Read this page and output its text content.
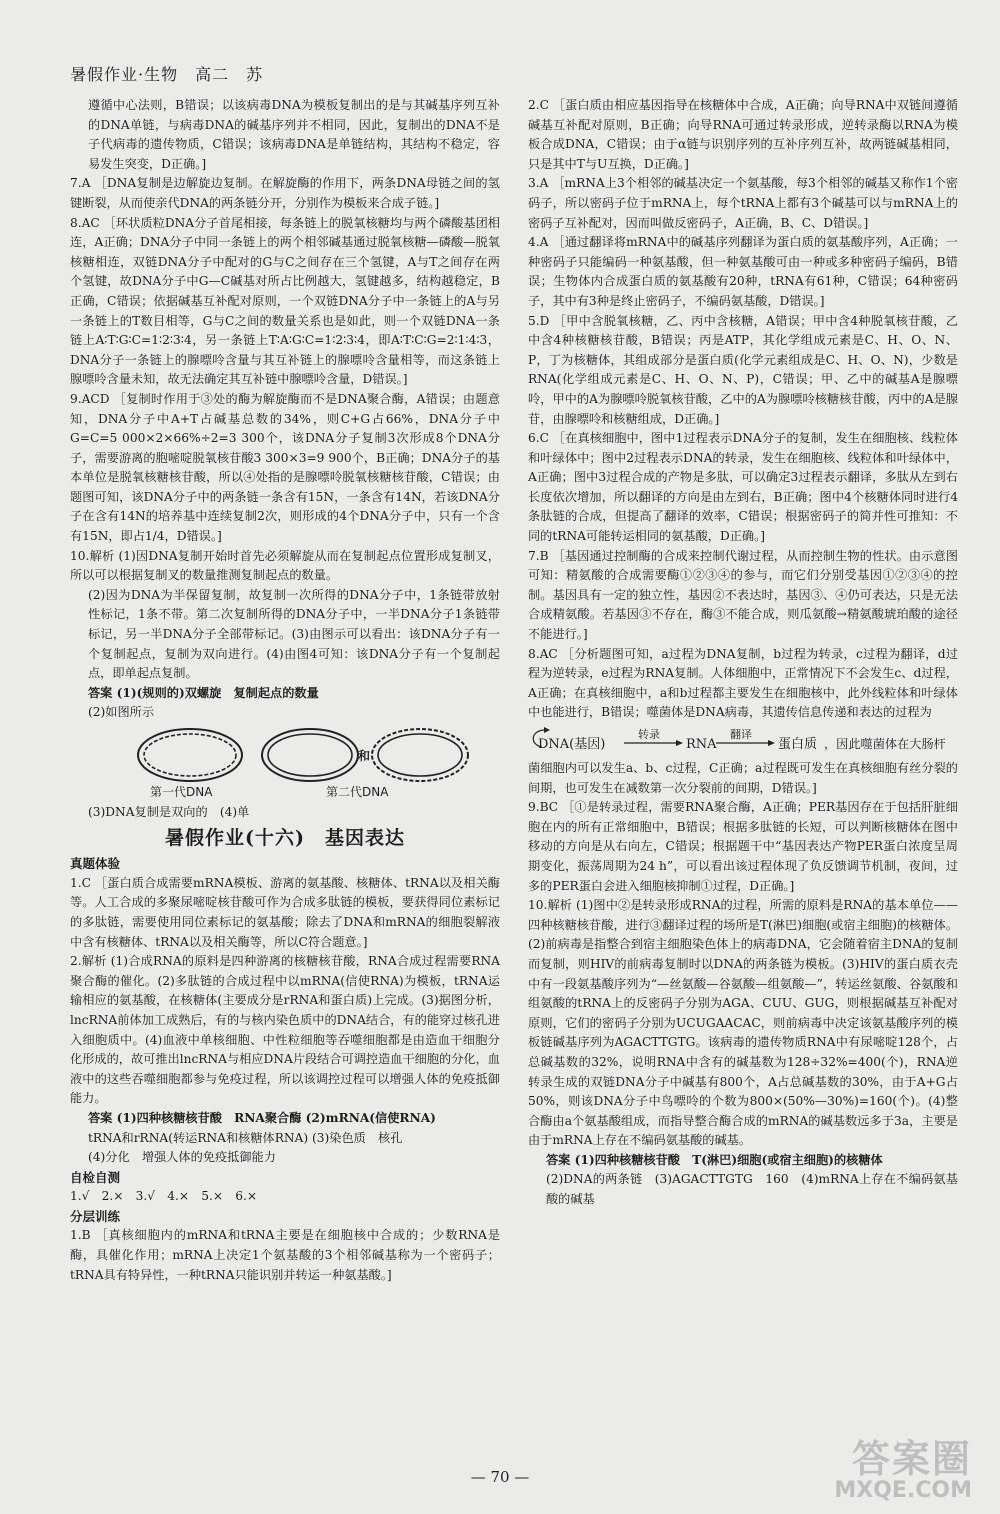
暑假作业·生物　高二　苏
遵循中心法则，B错误；以该病毒DNA为模板复制出的是与其碱基序列互补的DNA单链，与病毒DNA的碱基序列并不相同，因此，复制出的DNA不是子代病毒的遗传物质，C错误；该病毒DNA是单链结构，其结构不稳定，容易发生突变，D正确。]
7.A ［DNA复制是边解旋边复制。在解旋酶的作用下，两条DNA母链之间的氢键断裂，从而使亲代DNA的两条链分开，分别作为模板来合成子链。]
8.AC ［环状质粒DNA分子首尾相接，每条链上的脱氧核糖均与两个磷酸基团相连，A正确；DNA分子中同一条链上的两个相邻碱基通过脱氧核糖—磷酸—脱氧核糖相连，双链DNA分子中配对的G与C之间存在三个氢键，A与T之间存在两个氢键，故DNA分子中G—C碱基对所占比例越大，氢键越多，结构越稳定，B正确，C错误；依据碱基互补配对原则，一个双链DNA分子中一条链上的A与另一条链上的T数目相等，G与C之间的数量关系也是如此，则一个双链DNA一条链上A∶T∶G∶C=1∶2∶3∶4，另一条链上T∶A∶G∶C=1∶2∶3∶4，即A∶T∶C∶G=2∶1∶4∶3，DNA分子一条链上的腺嘌呤含量与其互补链上的腺嘌呤含量相等，而这条链上腺嘌呤含量未知，故无法确定其互补链中腺嘌呤含量，D错误。]
9.ACD ［复制时作用于③处的酶为解旋酶而不是DNA聚合酶，A错误；由题意知，DNA分子中A+T占碱基总数的34%，则C+G占66%，DNA分子中G=C=5 000×2×66%÷2=3 300个，该DNA分子复制3次形成8个DNA分子，需要游离的胞嘧啶脱氧核苷酸3 300×3=9 900个，B正确；DNA分子的基本单位是脱氧核糖核苷酸，所以④处指的是腺嘌呤脱氧核糖核苷酸，C错误；由题图可知，该DNA分子中的两条链一条含有15N，一条含有14N，若该DNA分子在含有14N的培养基中连续复制2次，则形成的4个DNA分子中，只有一个含有15N，即占1/4，D错误。]
10.解析 (1)因DNA复制开始时首先必须解旋从而在复制起点位置形成复制叉，所以可以根据复制叉的数量推测复制起点的数量。
(2)因为DNA为半保留复制，故复制一次所得的DNA分子中，1条链带放射性标记，1条不带。第二次复制所得的DNA分子中，一半DNA分子1条链带标记，另一半DNA分子全部带标记。(3)由图示可以看出：该DNA分子有一个复制起点，复制为双向进行。(4)由图4可知：该DNA分子有一个复制起点，即单起点复制。
答案 (1)(规则的)双螺旋　复制起点的数量
(2)如图所示
第一代DNA
和
第二代DNA
(3)DNA复制是双向的　(4)单
暑假作业(十六)　基因表达
真题体验
1.C ［蛋白质合成需要mRNA模板、游离的氨基酸、核糖体、tRNA以及相关酶等。人工合成的多聚尿嘧啶核苷酸可作为合成多肽链的模板，要获得同位素标记的多肽链，需要使用同位素标记的氨基酸；除去了DNA和mRNA的细胞裂解液中含有核糖体、tRNA以及相关酶等，所以C符合题意。]
2.解析 (1)合成RNA的原料是四种游离的核糖核苷酸，RNA合成过程需要RNA聚合酶的催化。(2)多肽链的合成过程中以mRNA(信使RNA)为模板，tRNA运输相应的氨基酸，在核糖体(主要成分是rRNA和蛋白质)上完成。(3)据图分析，lncRNA前体加工成熟后，有的与核内染色质中的DNA结合，有的能穿过核孔进入细胞质中。(4)血液中单核细胞、中性粒细胞等吞噬细胞都是由造血干细胞分化形成的，故可推出lncRNA与相应DNA片段结合可调控造血干细胞的分化，血液中的这些吞噬细胞都参与免疫过程，所以该调控过程可以增强人体的免疫抵御能力。
答案 (1)四种核糖核苷酸　RNA聚合酶 (2)mRNA(信使RNA)
tRNA和rRNA(转运RNA和核糖体RNA) (3)染色质　核孔
(4)分化　增强人体的免疫抵御能力
自检自测
1.√　2.×　3.√　4.×　5.×　6.×
分层训练
1.B ［真核细胞内的mRNA和tRNA主要是在细胞核中合成的；少数RNA是酶，具催化作用；mRNA上决定1个氨基酸的3个相邻碱基称为一个密码子；tRNA具有特异性，一种tRNA只能识别并转运一种氨基酸。]
2.C ［蛋白质由相应基因指导在核糖体中合成，A正确；向导RNA中双链间遵循碱基互补配对原则，B正确；向导RNA可通过转录形成，逆转录酶以RNA为模板合成DNA，C错误；由于α链与识别序列的互补序列互补，故两链碱基相同，只是其中T与U互换，D正确。]
3.A ［mRNA上3个相邻的碱基决定一个氨基酸，每3个相邻的碱基又称作1个密码子，所以密码子位于mRNA上，每个tRNA上都有3个碱基可以与mRNA上的密码子互补配对，因而叫做反密码子，A正确，B、C、D错误。]
4.A ［通过翻译将mRNA中的碱基序列翻译为蛋白质的氨基酸序列，A正确；一种密码子只能编码一种氨基酸，但一种氨基酸可由一种或多种密码子编码，B错误；生物体内合成蛋白质的氨基酸有20种，tRNA有61种，C错误；64种密码子，其中有3种是终止密码子，不编码氨基酸，D错误。]
5.D ［甲中含脱氧核糖，乙、丙中含核糖，A错误；甲中含4种脱氧核苷酸，乙中含4种核糖核苷酸，B错误；丙是ATP，其化学组成元素是C、H、O、N、P，丁为核糖体，其组成部分是蛋白质(化学元素组成是C、H、O、N)，少数是RNA(化学组成元素是C、H、O、N、P)，C错误；甲、乙中的碱基A是腺嘌呤，甲中的A为腺嘌呤脱氧核苷酸，乙中的A为腺嘌呤核糖核苷酸，丙中的A是腺苷，由腺嘌呤和核糖组成，D正确。]
6.C ［在真核细胞中，图中1过程表示DNA分子的复制，发生在细胞核、线粒体和叶绿体中；图中2过程表示DNA的转录，发生在细胞核、线粒体和叶绿体中，A正确；图中3过程合成的产物是多肽，可以确定3过程表示翻译，多肽从左到右长度依次增加，所以翻译的方向是由左到右，B正确；图中4个核糖体同时进行4条肽链的合成，但提高了翻译的效率，C错误；根据密码子的简并性可推知：不同的tRNA可能转运相同的氨基酸，D正确。]
7.B ［基因通过控制酶的合成来控制代谢过程，从而控制生物的性状。由示意图可知：精氨酸的合成需要酶①②③④的参与，而它们分别受基因①②③④的控制。基因具有一定的独立性，基因②不表达时，基因③、④仍可表达，只是无法合成精氨酸。若基因③不存在，酶③不能合成，则瓜氨酸→精氨酸琥珀酸的途径不能进行。]
8.AC ［分析题图可知，a过程为DNA复制，b过程为转录，c过程为翻译，d过程为逆转录，e过程为RNA复制。人体细胞中，正常情况下不会发生c、d过程，A正确；在真核细胞中，a和b过程都主要发生在细胞核中，此外线粒体和叶绿体中也能进行，B错误；噬菌体是DNA病毒，其遗传信息传递和表达的过程为
DNA(基因)
转录
RNA
翻译
蛋白质 ，因此噬菌体在大肠杆
菌细胞内可以发生a、b、c过程，C正确；a过程既可发生在真核细胞有丝分裂的间期，也可发生在减数第一次分裂前的间期，D错误。]
9.BC ［①是转录过程，需要RNA聚合酶，A正确；PER基因存在于包括肝脏细胞在内的所有正常细胞中，B错误；根据多肽链的长短，可以判断核糖体在图中移动的方向是从右向左，C错误；根据题干中“基因表达产物PER蛋白浓度呈周期变化，振荡周期为24 h”，可以看出该过程体现了负反馈调节机制，夜间，过多的PER蛋白会进入细胞核抑制①过程，D正确。]
10.解析 (1)图中②是转录形成RNA的过程，所需的原料是RNA的基本单位——四种核糖核苷酸，进行③翻译过程的场所是T(淋巴)细胞(或宿主细胞)的核糖体。(2)前病毒是指整合到宿主细胞染色体上的病毒DNA，它会随着宿主DNA的复制而复制，则HIV的前病毒复制时以DNA的两条链为模板。(3)HIV的蛋白质衣壳中有一段氨基酸序列为“—丝氨酸—谷氨酸—组氨酸—”，转运丝氨酸、谷氨酸和组氨酸的tRNA上的反密码子分别为AGA、CUU、GUG，则根据碱基互补配对原则，它们的密码子分别为UCUGAACAC，则前病毒中决定该氨基酸序列的模板链碱基序列为AGACTTGTG。该病毒的遗传物质RNA中有尿嘧啶128个，占总碱基数的32%，说明RNA中含有的碱基数为128÷32%=400(个)，RNA逆转录生成的双链DNA分子中碱基有800个，A占总碱基数的30%，由于A+G占50%，则该DNA分子中鸟嘌呤的个数为800×(50%—30%)=160(个)。(4)整合酶由a个氨基酸组成，而指导整合酶合成的mRNA的碱基数远多于3a，主要是由于mRNA上存在不编码氨基酸的碱基。
答案 (1)四种核糖核苷酸　T(淋巴)细胞(或宿主细胞)的核糖体
(2)DNA的两条链　(3)AGACTTGTG　160　(4)mRNA上存在不编码氨基酸的碱基
— 70 —	答案圈
MXQE.COM
